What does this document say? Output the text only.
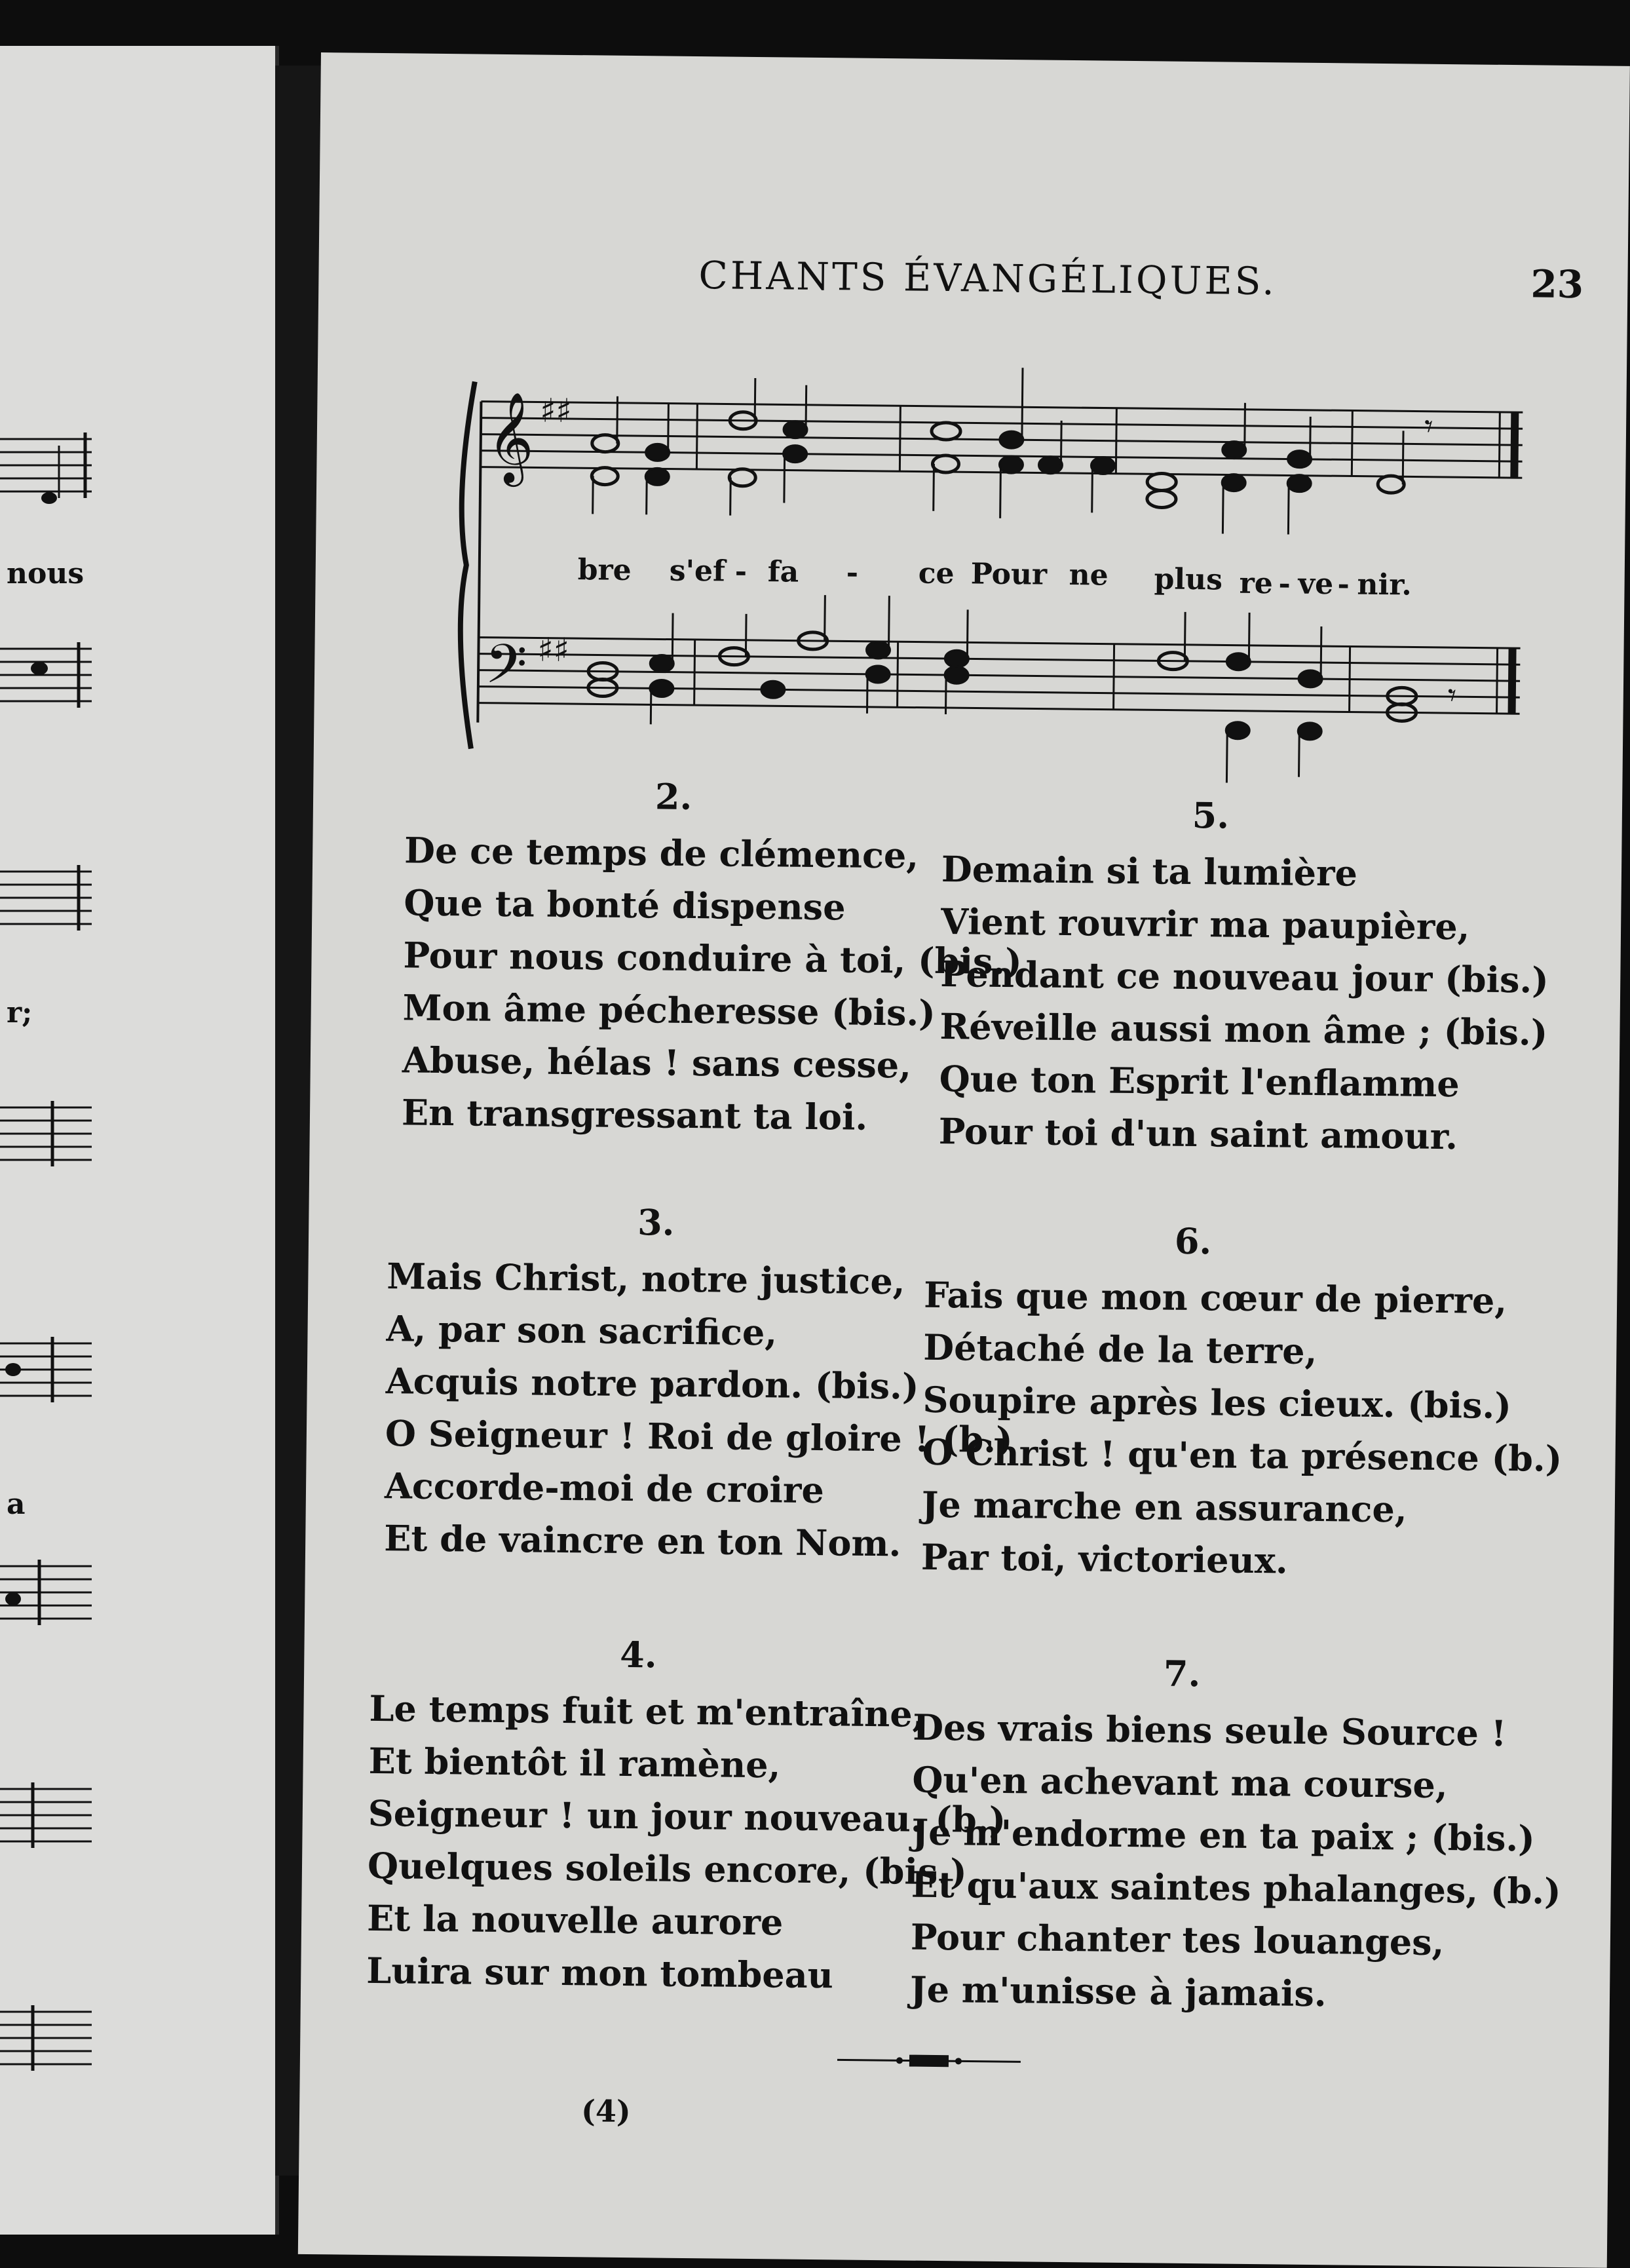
nous
r;
a
CHANTS ÉVANGÉLIQUES.	23
𝄞 ♯♯	𝄾
bre s'ef - fa - ce Pour ne plus re - ve - nir.
𝄢 ♯♯
𝄾
2.
De ce temps de clémence,
Que ta bonté dispense
Pour nous conduire à toi, (bis.)
Mon âme pécheresse (bis.)
Abuse, hélas ! sans cesse,
En transgressant ta loi.
5.
Demain si ta lumière
Vient rouvrir ma paupière,
Pendant ce nouveau jour (bis.)
Réveille aussi mon âme ; (bis.)
Que ton Esprit l'enflamme
Pour toi d'un saint amour.
3.
Mais Christ, notre justice,
A, par son sacrifice,
Acquis notre pardon. (bis.)
O Seigneur ! Roi de gloire ! (b.)
Accorde-moi de croire
Et de vaincre en ton Nom.
6.
Fais que mon cœur de pierre,
Détaché de la terre,
Soupire après les cieux. (bis.)
O Christ ! qu'en ta présence (b.)
Je marche en assurance,
Par toi, victorieux.
4.
Le temps fuit et m'entraîne,
Et bientôt il ramène,
Seigneur ! un jour nouveau. (b.)
Quelques soleils encore, (bis.)
Et la nouvelle aurore
Luira sur mon tombeau
7.
Des vrais biens seule Source !
Qu'en achevant ma course,
Je m'endorme en ta paix ; (bis.)
Et qu'aux saintes phalanges, (b.)
Pour chanter tes louanges,
Je m'unisse à jamais.
(4)
